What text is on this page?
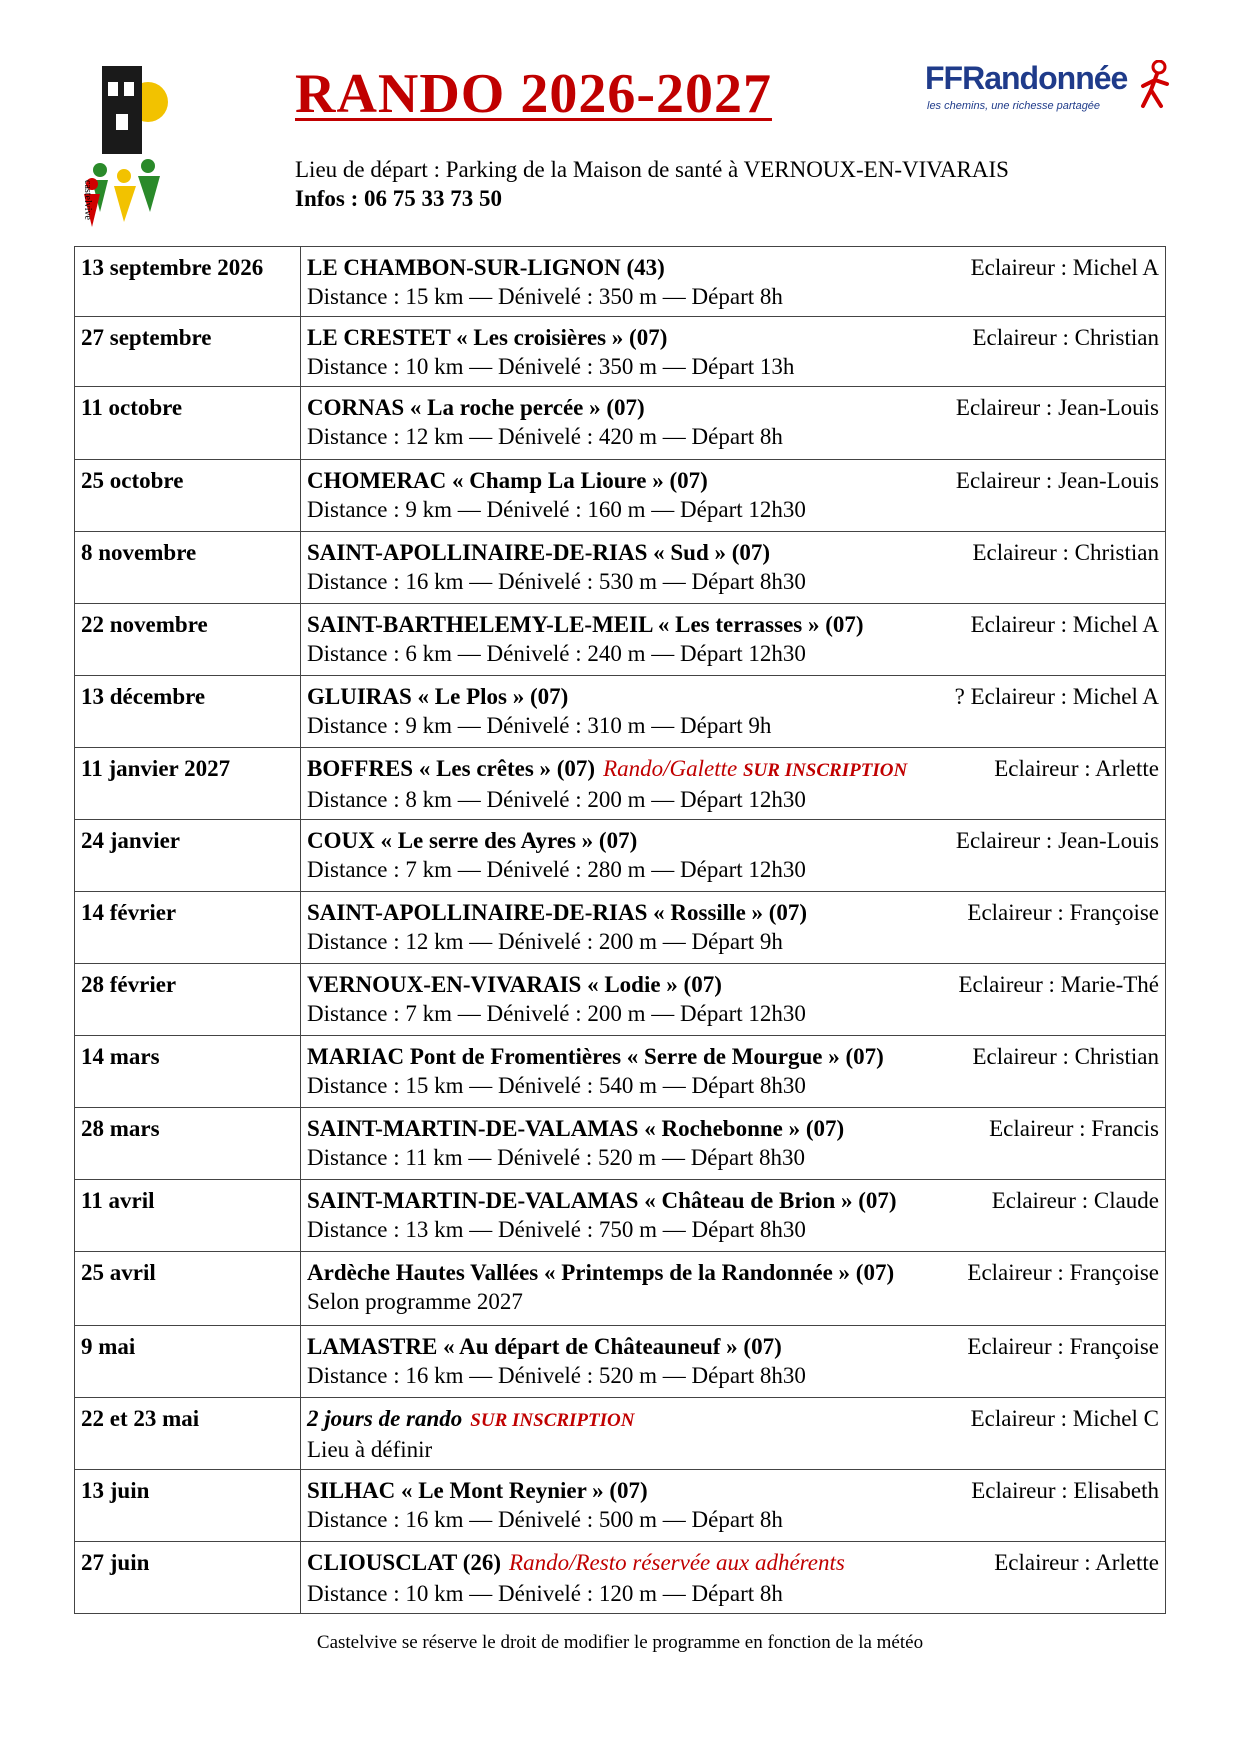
castelvive
RANDO 2026-2027	FFRandonnée
les chemins, une richesse partagée
Lieu de départ : Parking de la Maison de santé à VERNOUX-EN-VIVARAIS
Infos : 06 75 33 73 50
13 septembre 2026	LE CHAMBON-SUR-LIGNON (43) Eclaireur : Michel A
Distance : 15 km — Dénivelé : 350 m — Départ 8h

27 septembre	LE CRESTET « Les croisières » (07) Eclaireur : Christian
Distance : 10 km — Dénivelé : 350 m — Départ 13h

11 octobre	CORNAS « La roche percée » (07) Eclaireur : Jean-Louis
Distance : 12 km — Dénivelé : 420 m — Départ 8h

25 octobre	CHOMERAC « Champ La Lioure » (07) Eclaireur : Jean-Louis
Distance : 9 km — Dénivelé : 160 m — Départ 12h30

8 novembre	SAINT-APOLLINAIRE-DE-RIAS « Sud » (07) Eclaireur : Christian
Distance : 16 km — Dénivelé : 530 m — Départ 8h30

22 novembre	SAINT-BARTHELEMY-LE-MEIL « Les terrasses » (07) Eclaireur : Michel A
Distance : 6 km — Dénivelé : 240 m — Départ 12h30

13 décembre	GLUIRAS « Le Plos » (07) ? Eclaireur : Michel A
Distance : 9 km — Dénivelé : 310 m — Départ 9h

11 janvier 2027	BOFFRES « Les crêtes » (07) Rando/Galette SUR INSCRIPTION Eclaireur : Arlette
Distance : 8 km — Dénivelé : 200 m — Départ 12h30

24 janvier	COUX « Le serre des Ayres » (07) Eclaireur : Jean-Louis
Distance : 7 km — Dénivelé : 280 m — Départ 12h30

14 février	SAINT-APOLLINAIRE-DE-RIAS « Rossille » (07) Eclaireur : Françoise
Distance : 12 km — Dénivelé : 200 m — Départ 9h

28 février	VERNOUX-EN-VIVARAIS « Lodie » (07) Eclaireur : Marie-Thé
Distance : 7 km — Dénivelé : 200 m — Départ 12h30

14 mars	MARIAC Pont de Fromentières « Serre de Mourgue » (07) Eclaireur : Christian
Distance : 15 km — Dénivelé : 540 m — Départ 8h30

28 mars	SAINT-MARTIN-DE-VALAMAS « Rochebonne » (07) Eclaireur : Francis
Distance : 11 km — Dénivelé : 520 m — Départ 8h30

11 avril	SAINT-MARTIN-DE-VALAMAS « Château de Brion » (07) Eclaireur : Claude
Distance : 13 km — Dénivelé : 750 m — Départ 8h30

25 avril	Ardèche Hautes Vallées « Printemps de la Randonnée » (07) Eclaireur : Françoise
Selon programme 2027

9 mai	LAMASTRE « Au départ de Châteauneuf » (07) Eclaireur : Françoise
Distance : 16 km — Dénivelé : 520 m — Départ 8h30

22 et 23 mai	2 jours de rando SUR INSCRIPTION Eclaireur : Michel C
Lieu à définir

13 juin	SILHAC « Le Mont Reynier » (07) Eclaireur : Elisabeth
Distance : 16 km — Dénivelé : 500 m — Départ 8h

27 juin	CLIOUSCLAT (26) Rando/Resto réservée aux adhérents Eclaireur : Arlette
Distance : 10 km — Dénivelé : 120 m — Départ 8h
Castelvive se réserve le droit de modifier le programme en fonction de la météo
